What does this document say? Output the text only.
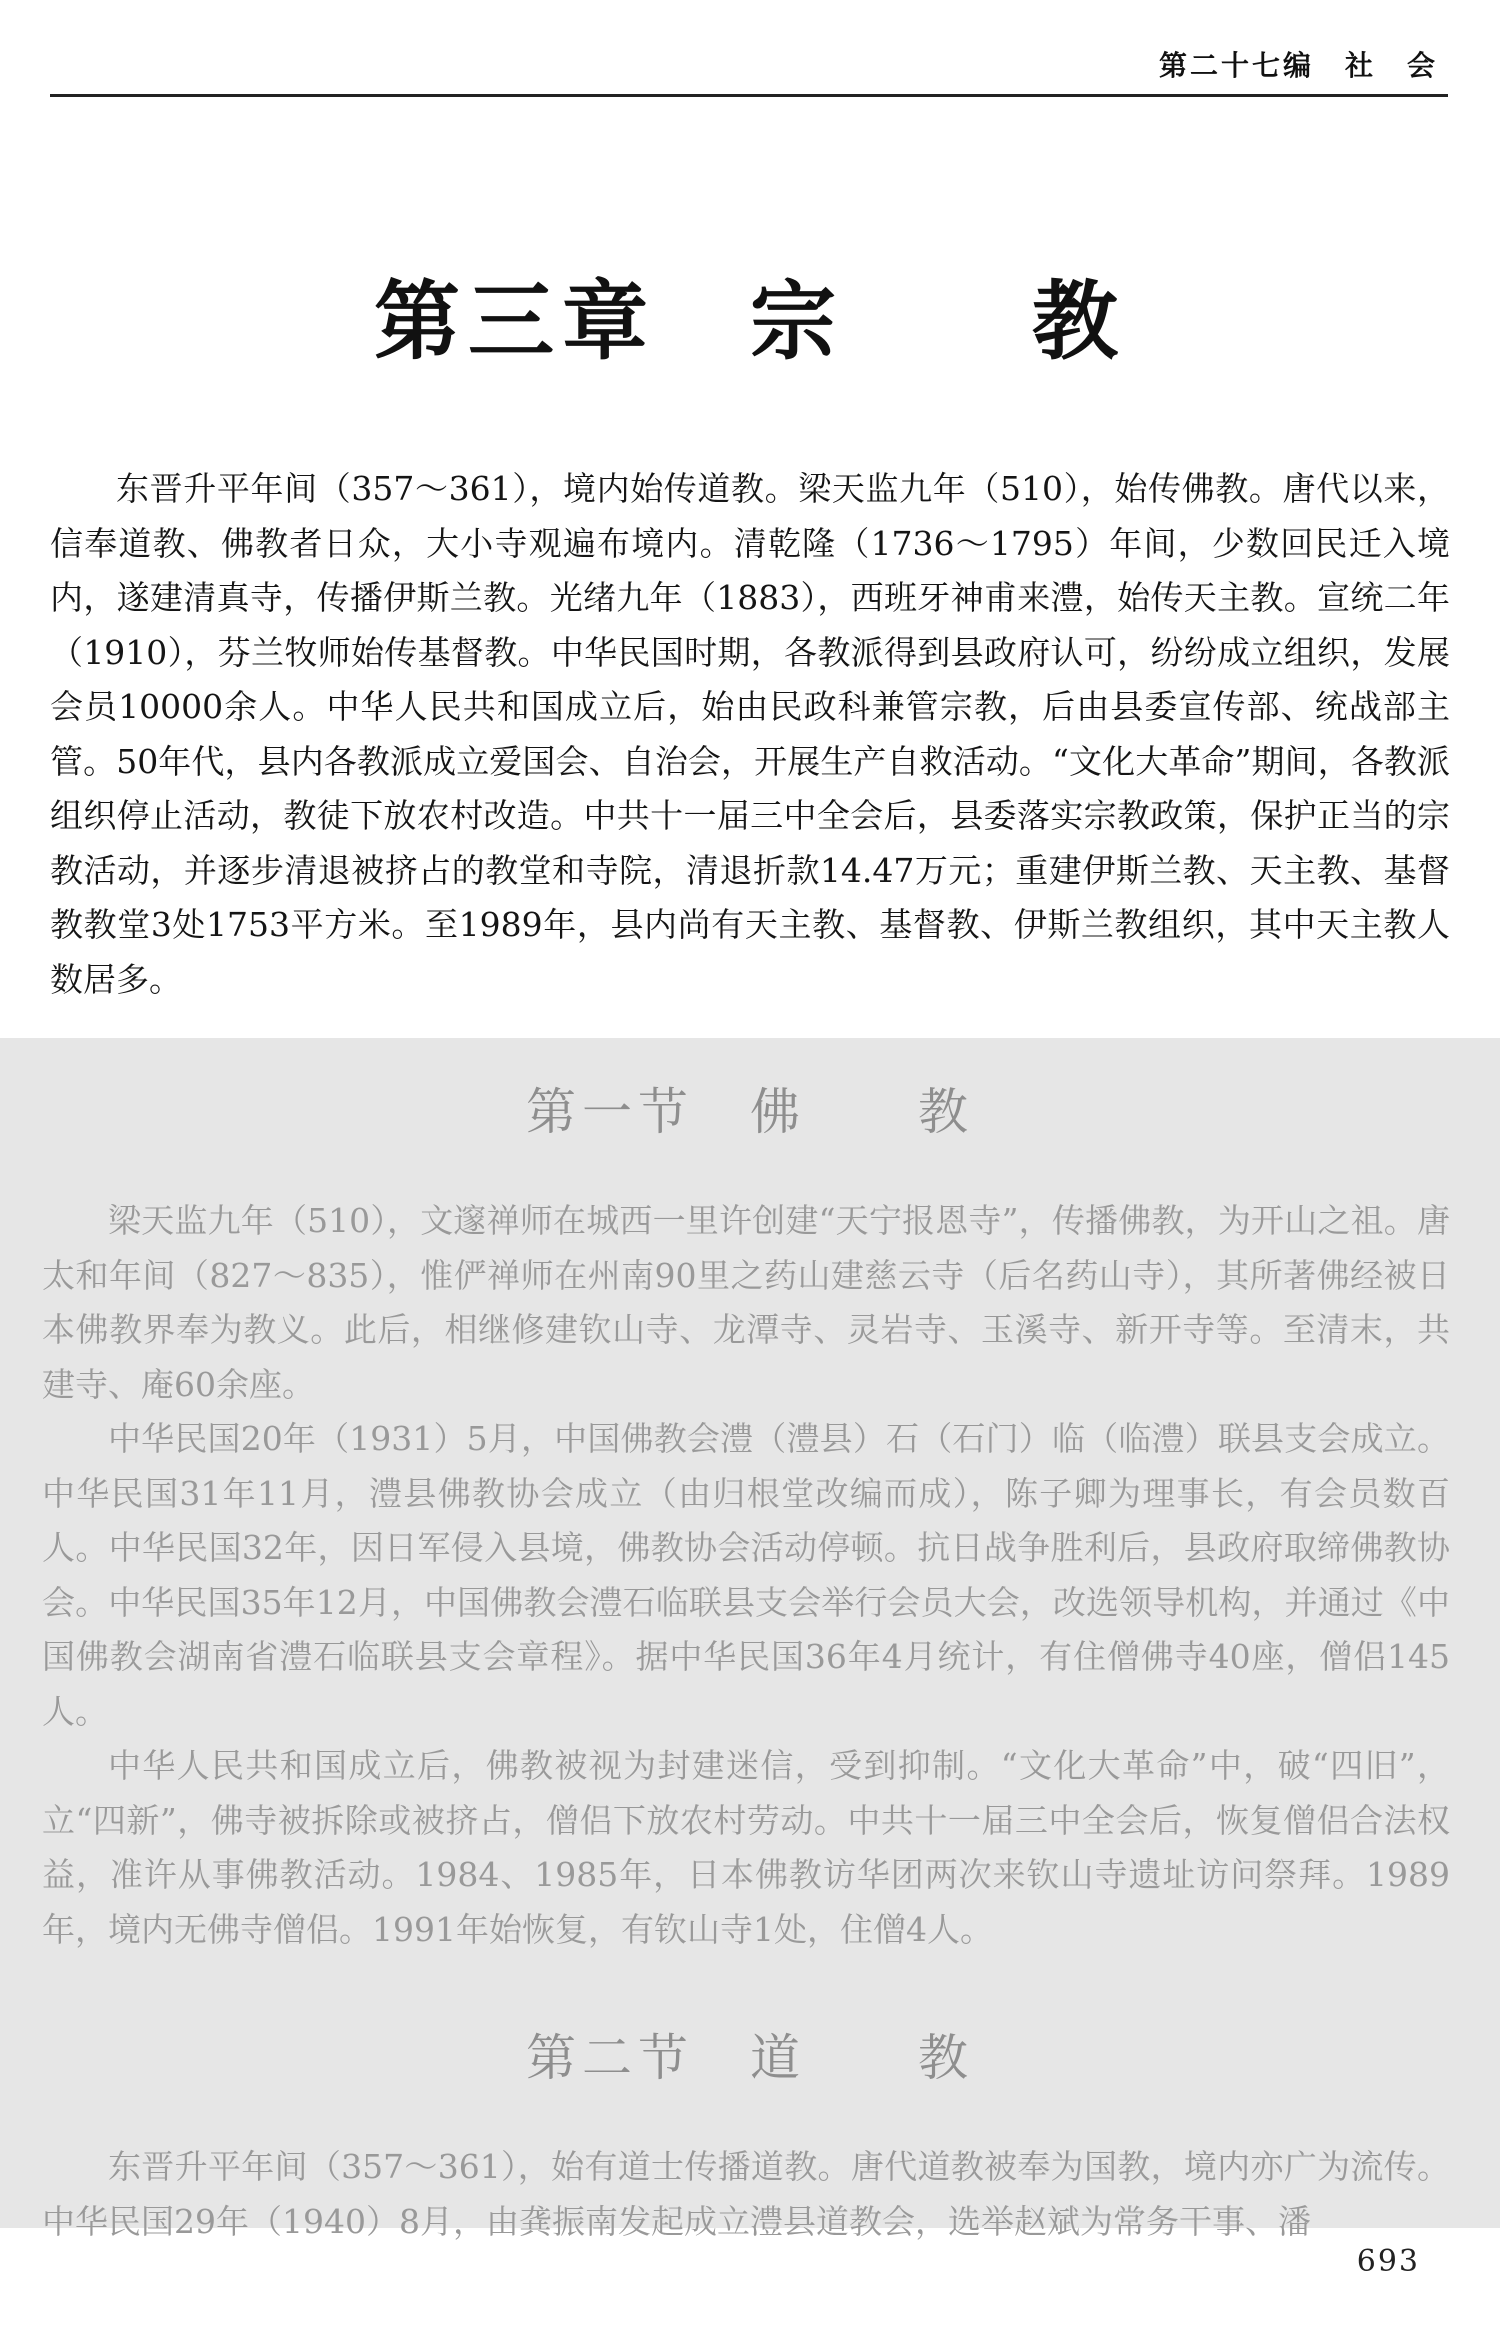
第二十七编　社　会
第三章　宗　　教

东晋升平年间（357～361），境内始传道教。梁天监九年（510），始传佛教。唐代以来，信奉道教、佛教者日众，大小寺观遍布境内。清乾隆（1736～1795）年间，少数回民迁入境内，遂建清真寺，传播伊斯兰教。光绪九年（1883），西班牙神甫来澧，始传天主教。宣统二年（1910），芬兰牧师始传基督教。中华民国时期，各教派得到县政府认可，纷纷成立组织，发展会员10000余人。中华人民共和国成立后，始由民政科兼管宗教，后由县委宣传部、统战部主管。50年代，县内各教派成立爱国会、自治会，开展生产自救活动。“文化大革命”期间，各教派组织停止活动，教徒下放农村改造。中共十一届三中全会后，县委落实宗教政策，保护正当的宗教活动，并逐步清退被挤占的教堂和寺院，清退折款14.47万元；重建伊斯兰教、天主教、基督教教堂3处1753平方米。至1989年，县内尚有天主教、基督教、伊斯兰教组织，其中天主教人数居多。

第一节　佛　　教

梁天监九年（510），文邃禅师在城西一里许创建“天宁报恩寺”，传播佛教，为开山之祖。唐太和年间（827～835），惟俨禅师在州南90里之药山建慈云寺（后名药山寺），其所著佛经被日本佛教界奉为教义。此后，相继修建钦山寺、龙潭寺、灵岩寺、玉溪寺、新开寺等。至清末，共建寺、庵60余座。

中华民国20年（1931）5月，中国佛教会澧（澧县）石（石门）临（临澧）联县支会成立。中华民国31年11月，澧县佛教协会成立（由归根堂改编而成），陈子卿为理事长，有会员数百人。中华民国32年，因日军侵入县境，佛教协会活动停顿。抗日战争胜利后，县政府取缔佛教协会。中华民国35年12月，中国佛教会澧石临联县支会举行会员大会，改选领导机构，并通过《中国佛教会湖南省澧石临联县支会章程》。据中华民国36年4月统计，有住僧佛寺40座，僧侣145人。

中华人民共和国成立后，佛教被视为封建迷信，受到抑制。“文化大革命”中，破“四旧”，立“四新”，佛寺被拆除或被挤占，僧侣下放农村劳动。中共十一届三中全会后，恢复僧侣合法权益，准许从事佛教活动。1984、1985年，日本佛教访华团两次来钦山寺遗址访问祭拜。1989年，境内无佛寺僧侣。1991年始恢复，有钦山寺1处，住僧4人。

第二节　道　　教

东晋升平年间（357～361），始有道士传播道教。唐代道教被奉为国教，境内亦广为流传。中华民国29年（1940）8月，由龚振南发起成立澧县道教会，选举赵斌为常务干事、潘

693
